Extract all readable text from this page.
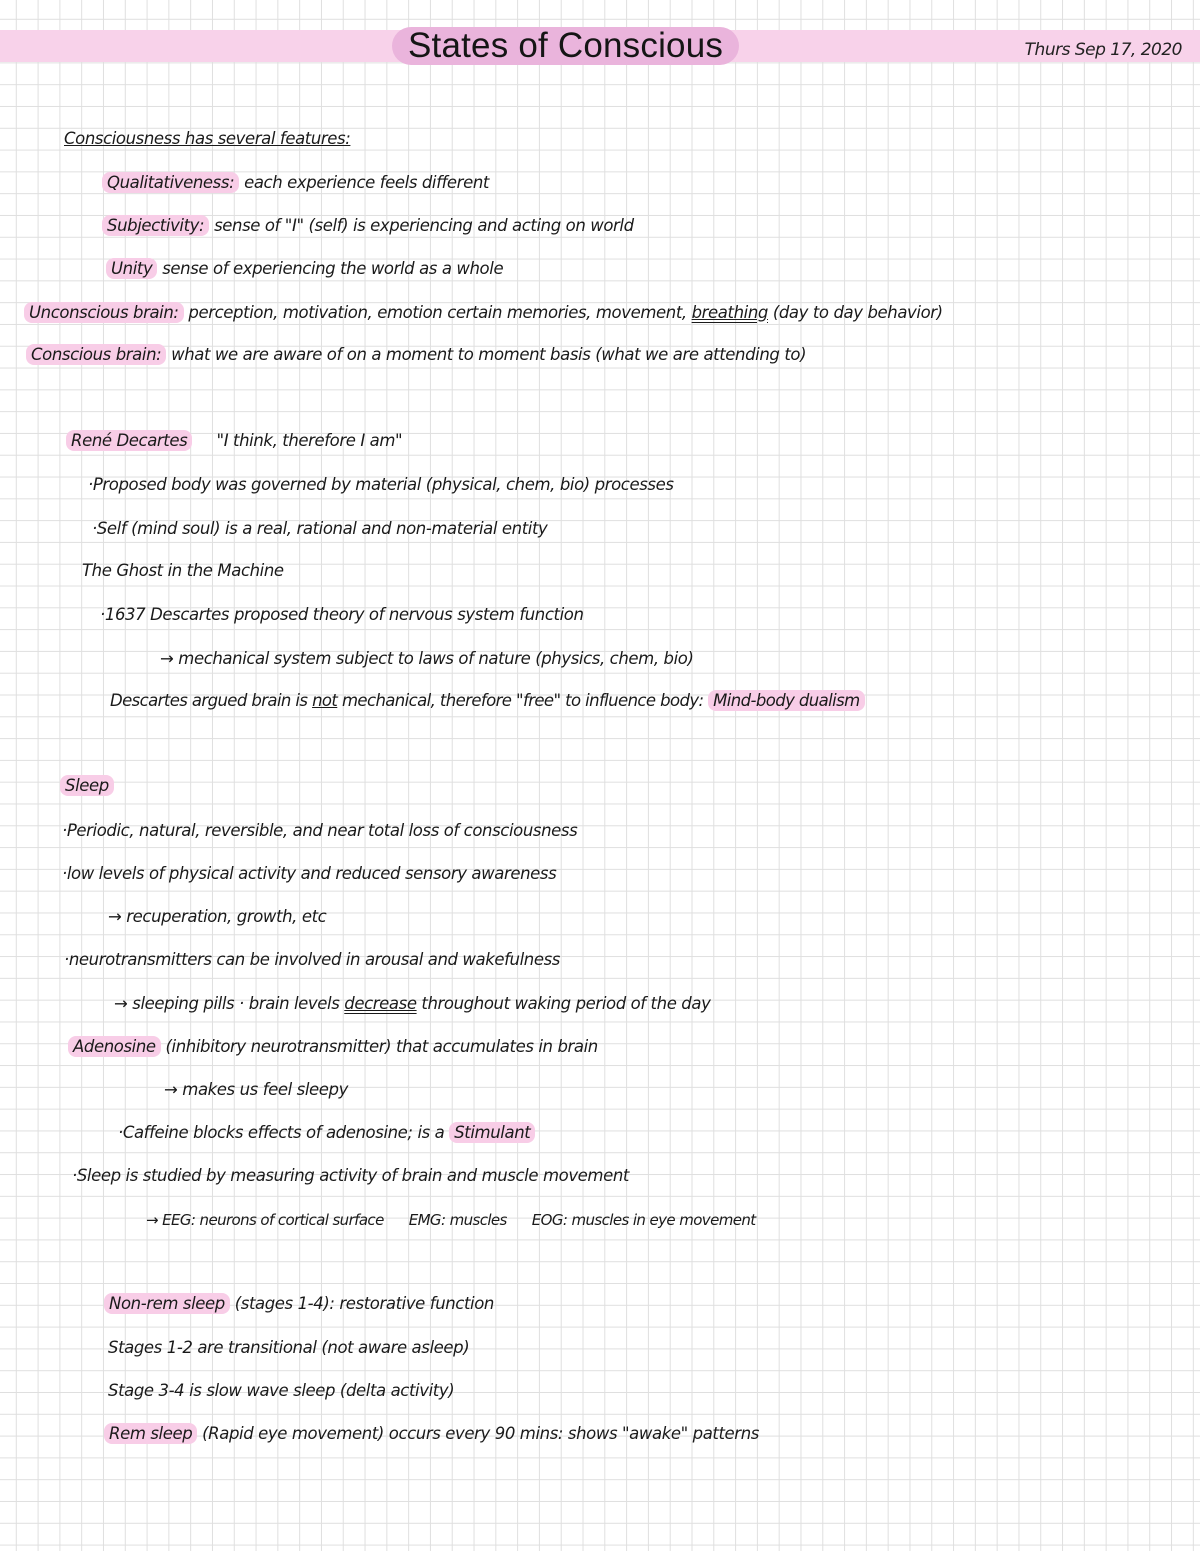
States of Conscious	Thurs Sep 17, 2020
Consciousness has several features:
Qualitativeness: each experience feels different
Subjectivity: sense of "I" (self) is experiencing and acting on world
Unity sense of experiencing the world as a whole
Unconscious brain: perception, motivation, emotion certain memories, movement, breathing (day to day behavior)
Conscious brain: what we are aware of on a moment to moment basis (what we are attending to)
René Decartes "I think, therefore I am"
·Proposed body was governed by material (physical, chem, bio) processes
·Self (mind soul) is a real, rational and non-material entity
The Ghost in the Machine
·1637 Descartes proposed theory of nervous system function
→ mechanical system subject to laws of nature (physics, chem, bio)
Descartes argued brain is not mechanical, therefore "free" to influence body: Mind-body dualism
Sleep
·Periodic, natural, reversible, and near total loss of consciousness
·low levels of physical activity and reduced sensory awareness
→ recuperation, growth, etc
·neurotransmitters can be involved in arousal and wakefulness
→ sleeping pills · brain levels decrease throughout waking period of the day
Adenosine (inhibitory neurotransmitter) that accumulates in brain
→ makes us feel sleepy
·Caffeine blocks effects of adenosine; is a Stimulant
·Sleep is studied by measuring activity of brain and muscle movement
→ EEG: neurons of cortical surface      EMG: muscles      EOG: muscles in eye movement
Non-rem sleep (stages 1-4): restorative function
Stages 1-2 are transitional (not aware asleep)
Stage 3-4 is slow wave sleep (delta activity)
Rem sleep (Rapid eye movement) occurs every 90 mins: shows "awake" patterns
